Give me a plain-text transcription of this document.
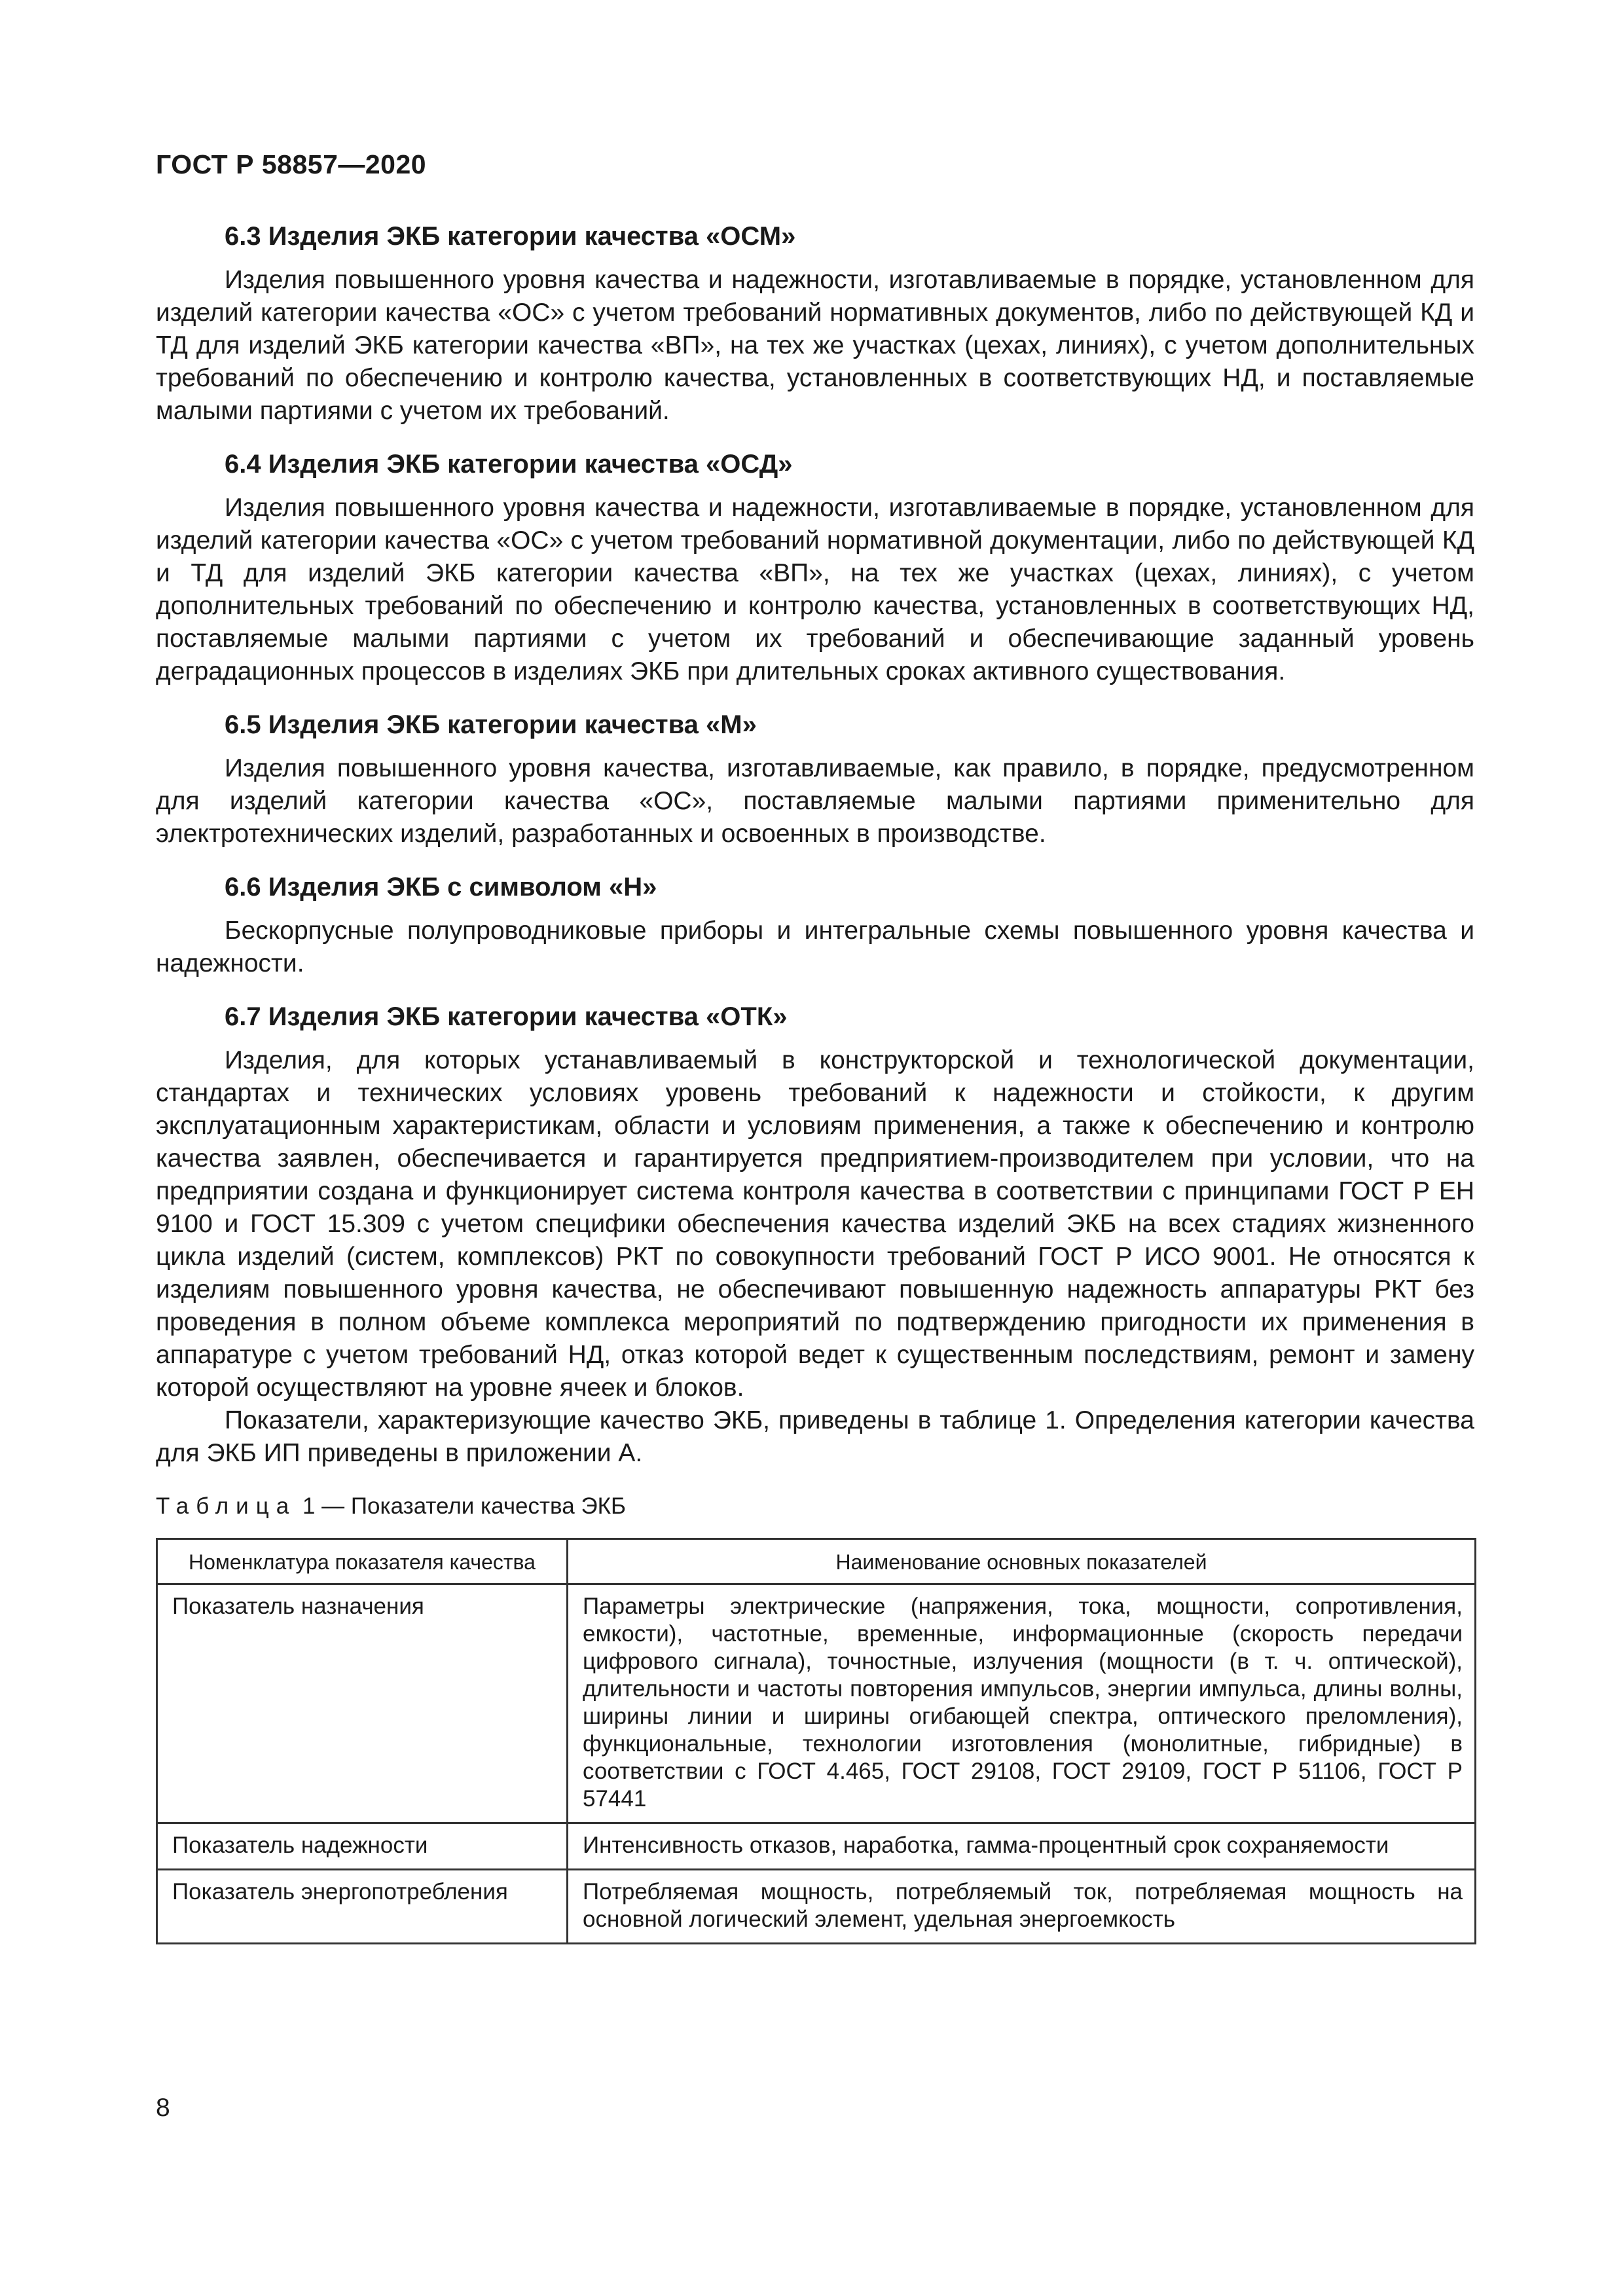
ГОСТ Р 58857—2020
6.3 Изделия ЭКБ категории качества «ОСМ»

Изделия повышенного уровня качества и надежности, изготавливаемые в порядке, установленном для изделий категории качества «ОС» с учетом требований нормативных документов, либо по действующей КД и ТД для изделий ЭКБ категории качества «ВП», на тех же участках (цехах, линиях), с учетом дополнительных требований по обеспечению и контролю качества, установленных в соответствующих НД, и поставляемые малыми партиями с учетом их требований.

6.4 Изделия ЭКБ категории качества «ОСД»

Изделия повышенного уровня качества и надежности, изготавливаемые в порядке, установленном для изделий категории качества «ОС» с учетом требований нормативной документации, либо по действующей КД и ТД для изделий ЭКБ категории качества «ВП», на тех же участках (цехах, линиях), с учетом дополнительных требований по обеспечению и контролю качества, установленных в соответствующих НД, поставляемые малыми партиями с учетом их требований и обеспечивающие заданный уровень деградационных процессов в изделиях ЭКБ при длительных сроках активного существования.

6.5 Изделия ЭКБ категории качества «М»

Изделия повышенного уровня качества, изготавливаемые, как правило, в порядке, предусмотренном для изделий категории качества «ОС», поставляемые малыми партиями применительно для электротехнических изделий, разработанных и освоенных в производстве.

6.6 Изделия ЭКБ с символом «Н»

Бескорпусные полупроводниковые приборы и интегральные схемы повышенного уровня качества и надежности.

6.7 Изделия ЭКБ категории качества «ОТК»

Изделия, для которых устанавливаемый в конструкторской и технологической документации, стандартах и технических условиях уровень требований к надежности и стойкости, к другим эксплуатационным характеристикам, области и условиям применения, а также к обеспечению и контролю качества заявлен, обеспечивается и гарантируется предприятием-производителем при условии, что на предприятии создана и функционирует система контроля качества в соответствии с принципами ГОСТ Р ЕН 9100 и ГОСТ 15.309 с учетом специфики обеспечения качества изделий ЭКБ на всех стадиях жизненного цикла изделий (систем, комплексов) РКТ по совокупности требований ГОСТ Р ИСО 9001. Не относятся к изделиям повышенного уровня качества, не обеспечивают повышенную надежность аппаратуры РКТ без проведения в полном объеме комплекса мероприятий по подтверждению пригодности их применения в аппаратуре с учетом требований НД, отказ которой ведет к существенным последствиям, ремонт и замену которой осуществляют на уровне ячеек и блоков.

Показатели, характеризующие качество ЭКБ, приведены в таблице 1. Определения категории качества для ЭКБ ИП приведены в приложении А.

Таблица 1 — Показатели качества ЭКБ
Номенклатура показателя качества	Наименование основных показателей
Показатель назначения	Параметры электрические (напряжения, тока, мощности, сопротивления, емкости), частотные, временные, информационные (скорость передачи цифрового сигнала), точностные, излучения (мощности (в т. ч. оптической), длительности и частоты повторения импульсов, энергии импульса, длины волны, ширины линии и ширины огибающей спектра, оптического преломления), функциональные, технологии изготовления (монолитные, гибридные) в соответствии с ГОСТ 4.465, ГОСТ 29108, ГОСТ 29109, ГОСТ Р 51106, ГОСТ Р 57441
Показатель надежности	Интенсивность отказов, наработка, гамма-процентный срок сохраняемости
Показатель энергопотребления	Потребляемая мощность, потребляемый ток, потребляемая мощность на основной логический элемент, удельная энергоемкость
8
